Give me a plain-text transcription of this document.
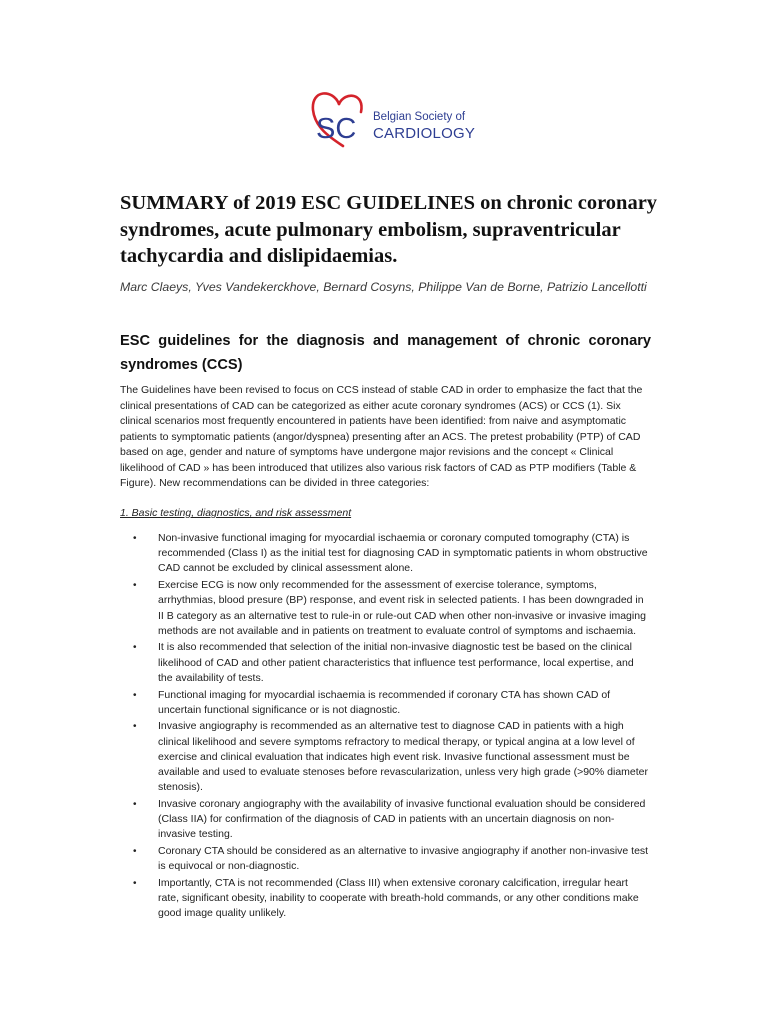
SC Belgian Society of
CARDIOLOGY
SUMMARY of 2019 ESC GUIDELINES on chronic coronary syndromes, acute pulmonary embolism, supraventricular tachycardia and dislipidaemias.

Marc Claeys, Yves Vandekerckhove, Bernard Cosyns, Philippe Van de Borne, Patrizio Lancellotti

ESC guidelines for the diagnosis and management of chronic coronary syndromes (CCS)

The Guidelines have been revised to focus on CCS instead of stable CAD in order to emphasize the fact that the clinical presentations of CAD can be categorized as either acute coronary syndromes (ACS) or CCS (1). Six clinical scenarios most frequently encountered in patients have been identified: from naive and asymptomatic patients to symptomatic patients (angor/dyspnea) presenting after an ACS. The pretest probability (PTP) of CAD based on age, gender and nature of symptoms have undergone major revisions and the concept « Clinical likelihood of CAD » has been introduced that utilizes also various risk factors of CAD as PTP modifiers (Table & Figure). New recommendations can be divided in three categories:

1. Basic testing, diagnostics, and risk assessment

• Non-invasive functional imaging for myocardial ischaemia or coronary computed tomography (CTA) is recommended (Class I) as the initial test for diagnosing CAD in symptomatic patients in whom obstructive CAD cannot be excluded by clinical assessment alone.
• Exercise ECG is now only recommended for the assessment of exercise tolerance, symptoms, arrhythmias, blood presure (BP) response, and event risk in selected patients. I has been downgraded in II B category as an alternative test to rule-in or rule-out CAD when other non-invasive or invasive imaging methods are not available and in patients on treatment to evaluate control of symptoms and ischaemia.
• It is also recommended that selection of the initial non-invasive diagnostic test be based on the clinical likelihood of CAD and other patient characteristics that influence test performance, local expertise, and the availability of tests.
• Functional imaging for myocardial ischaemia is recommended if coronary CTA has shown CAD of uncertain functional significance or is not diagnostic.
• Invasive angiography is recommended as an alternative test to diagnose CAD in patients with a high clinical likelihood and severe symptoms refractory to medical therapy, or typical angina at a low level of exercise and clinical evaluation that indicates high event risk. Invasive functional assessment must be available and used to evaluate stenoses before revascularization, unless very high grade (>90% diameter stenosis).
• Invasive coronary angiography with the availability of invasive functional evaluation should be considered (Class IIA) for confirmation of the diagnosis of CAD in patients with an uncertain diagnosis on non-invasive testing.
• Coronary CTA should be considered as an alternative to invasive angiography if another non-invasive test is equivocal or non-diagnostic.
• Importantly, CTA is not recommended (Class III) when extensive coronary calcification, irregular heart rate, significant obesity, inability to cooperate with breath-hold commands, or any other conditions make good image quality unlikely.
